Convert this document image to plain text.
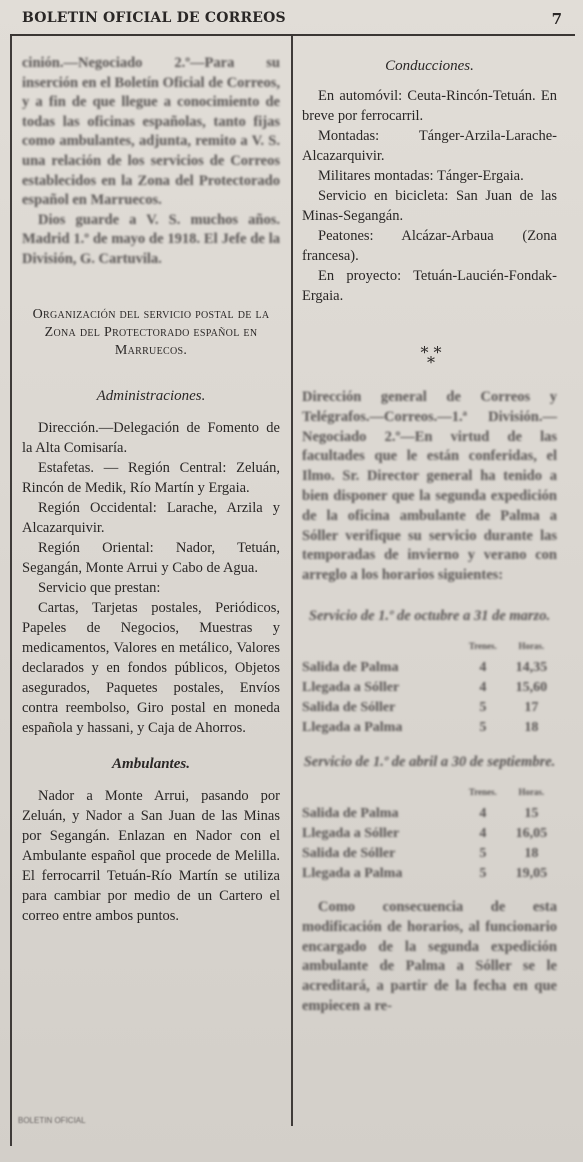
BOLETIN OFICIAL DE CORREOS	7

cinión.—Negociado 2.º—Para su inserción en el Boletín Oficial de Correos, y a fin de que llegue a conocimiento de todas las oficinas españolas, tanto fijas como ambulantes, adjunta, remito a V. S. una relación de los servicios de Correos establecidos en la Zona del Protectorado español en Marruecos.

Dios guarde a V. S. muchos años. Madrid 1.º de mayo de 1918. El Jefe de la División, G. Cartuvila.

Organización del servicio postal de la Zona del Protectorado español en Marruecos.

Administraciones.

Dirección.—Delegación de Fomento de la Alta Comisaría.

Estafetas. — Región Central: Zeluán, Rincón de Medik, Río Martín y Ergaia.

Región Occidental: Larache, Arzila y Alcazarquivir.

Región Oriental: Nador, Tetuán, Segangán, Monte Arrui y Cabo de Agua.

Servicio que prestan:

Cartas, Tarjetas postales, Periódicos, Papeles de Negocios, Muestras y medicamentos, Valores en metálico, Valores declarados y en fondos públicos, Objetos asegurados, Paquetes postales, Envíos contra reembolso, Giro postal en moneda española y hassani, y Caja de Ahorros.

Ambulantes.

Nador a Monte Arrui, pasando por Zeluán, y Nador a San Juan de las Minas por Segangán. Enlazan en Nador con el Ambulante español que procede de Melilla. El ferrocarril Tetuán-Río Martín se utiliza para cambiar por medio de un Cartero el correo entre ambos puntos.

Conducciones.

En automóvil: Ceuta-Rincón-Tetuán. En breve por ferrocarril.

Montadas: Tánger-Arzila-Larache-Alcazarquivir.

Militares montadas: Tánger-Ergaia.

Servicio en bicicleta: San Juan de las Minas-Segangán.

Peatones: Alcázar-Arbaua (Zona francesa).

En proyecto: Tetuán-Laucién-Fondak-Ergaia.

* *
*

Dirección general de Correos y Telégrafos.—Correos.—1.ª División.—Negociado 2.º—En virtud de las facultades que le están conferidas, el Ilmo. Sr. Director general ha tenido a bien disponer que la segunda expedición de la oficina ambulante de Palma a Sóller verifique su servicio durante las temporadas de invierno y verano con arreglo a los horarios siguientes:

Servicio de 1.º de octubre a 31 de marzo.

	Trenes.	Horas.
Salida de Palma	4	14,35
Llegada a Sóller	4	15,60
Salida de Sóller	5	17
Llegada a Palma	5	18

Servicio de 1.º de abril a 30 de septiembre.

	Trenes.	Horas.
Salida de Palma	4	15
Llegada a Sóller	4	16,05
Salida de Sóller	5	18
Llegada a Palma	5	19,05

Como consecuencia de esta modificación de horarios, al funcionario encargado de la segunda expedición ambulante de Palma a Sóller se le acreditará, a partir de la fecha en que empiecen a re-

BOLETIN OFICIAL
